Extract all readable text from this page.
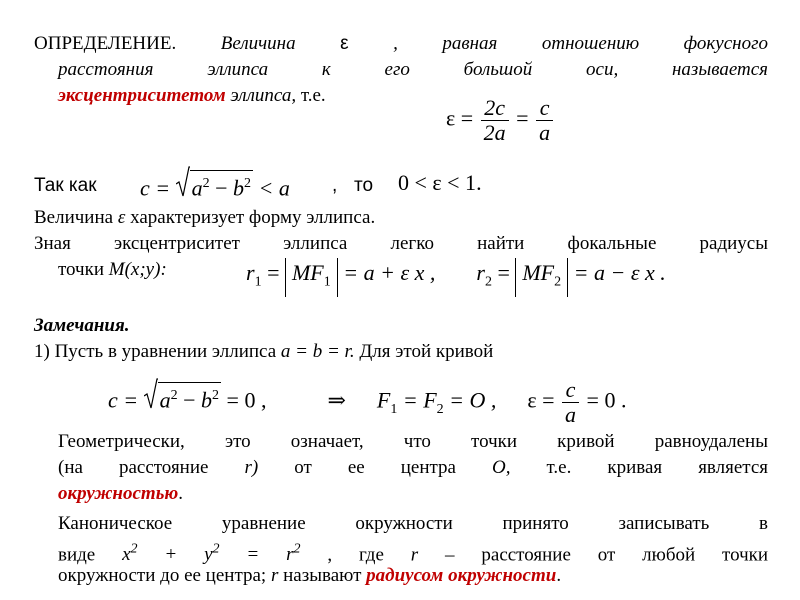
ОПРЕДЕЛЕНИЕ. Величина ε , равная отношению фокусного
расстояния эллипса к его большой оси, называется
эксцентриситетом эллипса, т.е.
$\varepsilon = \frac{2c}{2a} = \frac{c}{a}$
Так как $c = a^2 - b^2 < a$ , то 0 < ε < 1.
Величина ε характеризует форму эллипса.
Зная эксцентриситет эллипса легко найти фокальные радиусы
точки M(x;y):	$r_1 = MF_1 = a + \varepsilon$ x , $r_2 = MF_2 = a - \varepsilon$ x .
Замечания.
1) Пусть в уравнении эллипса a = b = r. Для этой кривой
$c = a^2 - b^2 = 0$ ,	⇒ $F_1 = F_2 = O$ , $\varepsilon = \frac{c}{a} = 0$ .
Геометрически, это означает, что точки кривой равноудалены
(на расстояние r) от ее центра O, т.е. кривая является
окружностью.
Каноническое уравнение окружности принято записывать в
виде $x^2 + y^2 = r^2$ , где r – расстояние от любой точки
окружности до ее центра; r называют радиусом окружности.
